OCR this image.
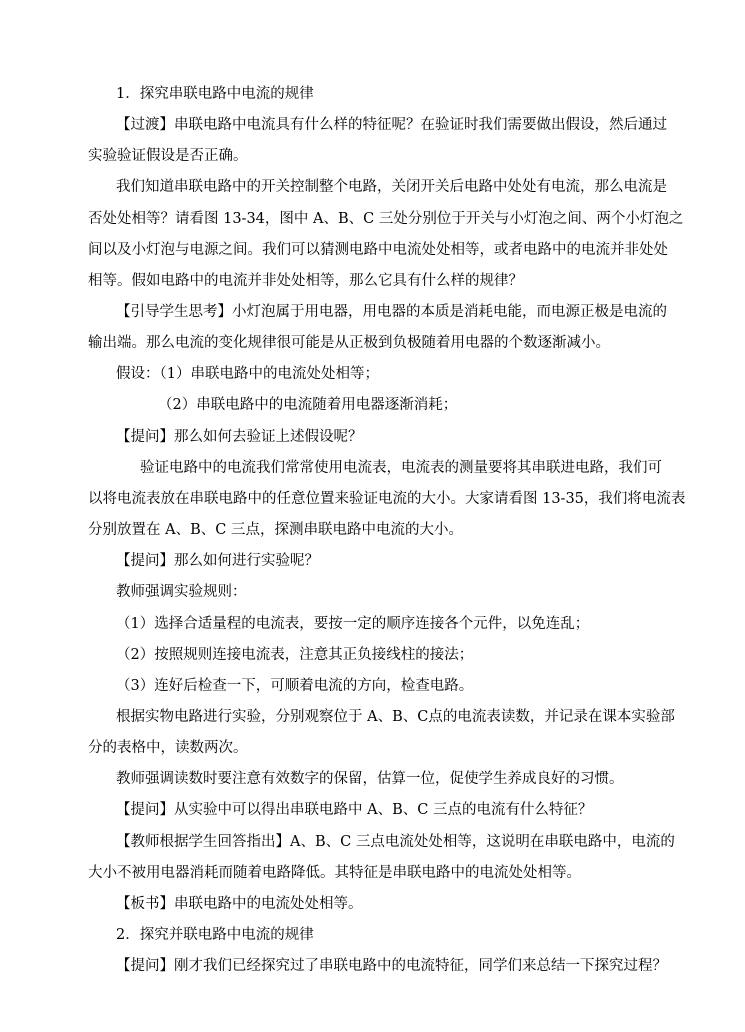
1．探究串联电路中电流的规律
【过渡】串联电路中电流具有什么样的特征呢？在验证时我们需要做出假设，然后通过
实验验证假设是否正确。
我们知道串联电路中的开关控制整个电路，关闭开关后电路中处处有电流，那么电流是
否处处相等？请看图 13-34，图中 A、B、C 三处分别位于开关与小灯泡之间、两个小灯泡之
间以及小灯泡与电源之间。我们可以猜测电路中电流处处相等，或者电路中的电流并非处处
相等。假如电路中的电流并非处处相等，那么它具有什么样的规律？
【引导学生思考】小灯泡属于用电器，用电器的本质是消耗电能，而电源正极是电流的
输出端。那么电流的变化规律很可能是从正极到负极随着用电器的个数逐渐减小。
假设：（1）串联电路中的电流处处相等；
（2）串联电路中的电流随着用电器逐渐消耗；
【提问】那么如何去验证上述假设呢？
验证电路中的电流我们常常使用电流表，电流表的测量要将其串联进电路，我们可
以将电流表放在串联电路中的任意位置来验证电流的大小。大家请看图 13-35，我们将电流表
分别放置在 A、B、C 三点，探测串联电路中电流的大小。
【提问】那么如何进行实验呢？
教师强调实验规则：
（1）选择合适量程的电流表，要按一定的顺序连接各个元件，以免连乱；
（2）按照规则连接电流表，注意其正负接线柱的接法；
（3）连好后检查一下，可顺着电流的方向，检查电路。
根据实物电路进行实验，分别观察位于 A、B、C点的电流表读数，并记录在课本实验部
分的表格中，读数两次。
教师强调读数时要注意有效数字的保留，估算一位，促使学生养成良好的习惯。
【提问】从实验中可以得出串联电路中 A、B、C 三点的电流有什么特征？
【教师根据学生回答指出】A、B、C 三点电流处处相等，这说明在串联电路中，电流的
大小不被用电器消耗而随着电路降低。其特征是串联电路中的电流处处相等。
【板书】串联电路中的电流处处相等。
2．探究并联电路中电流的规律
【提问】刚才我们已经探究过了串联电路中的电流特征，同学们来总结一下探究过程？
